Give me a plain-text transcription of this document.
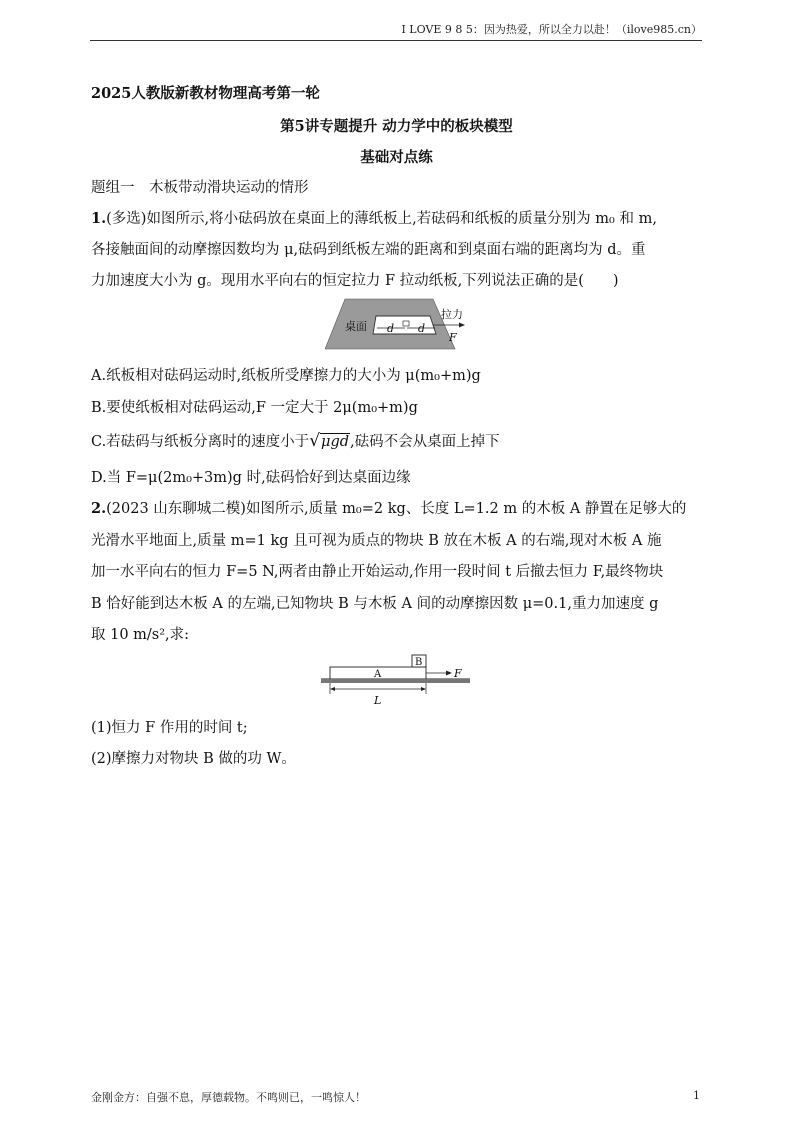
I LOVE 9 8 5：因为热爱，所以全力以赴！（ilove985.cn）
2025人教版新教材物理高考第一轮
第5讲专题提升 动力学中的板块模型
基础对点练
题组一　木板带动滑块运动的情形
1.(多选)如图所示,将小砝码放在桌面上的薄纸板上,若砝码和纸板的质量分别为 m₀ 和 m,
各接触面间的动摩擦因数均为 μ,砝码到纸板左端的距离和到桌面右端的距离均为 d。重
力加速度大小为 g。现用水平向右的恒定拉力 F 拉动纸板,下列说法正确的是(　　)
桌面 d d
拉力
F
A.纸板相对砝码运动时,纸板所受摩擦力的大小为 μ(m₀+m)g
B.要使纸板相对砝码运动,F 一定大于 2μ(m₀+m)g
C.若砝码与纸板分离时的速度小于√μgd,砝码不会从桌面上掉下
D.当 F=μ(2m₀+3m)g 时,砝码恰好到达桌面边缘
2.(2023 山东聊城二模)如图所示,质量 m₀=2 kg、长度 L=1.2 m 的木板 A 静置在足够大的
光滑水平地面上,质量 m=1 kg 且可视为质点的物块 B 放在木板 A 的右端,现对木板 A 施
加一水平向右的恒力 F=5 N,两者由静止开始运动,作用一段时间 t 后撤去恒力 F,最终物块
B 恰好能到达木板 A 的左端,已知物块 B 与木板 A 间的动摩擦因数 μ=0.1,重力加速度 g
取 10 m/s²,求:
A
B
F
L
(1)恒力 F 作用的时间 t;
(2)摩擦力对物块 B 做的功 W。
金刚金方：自强不息，厚德载物。不鸣则已，一鸣惊人！	1
